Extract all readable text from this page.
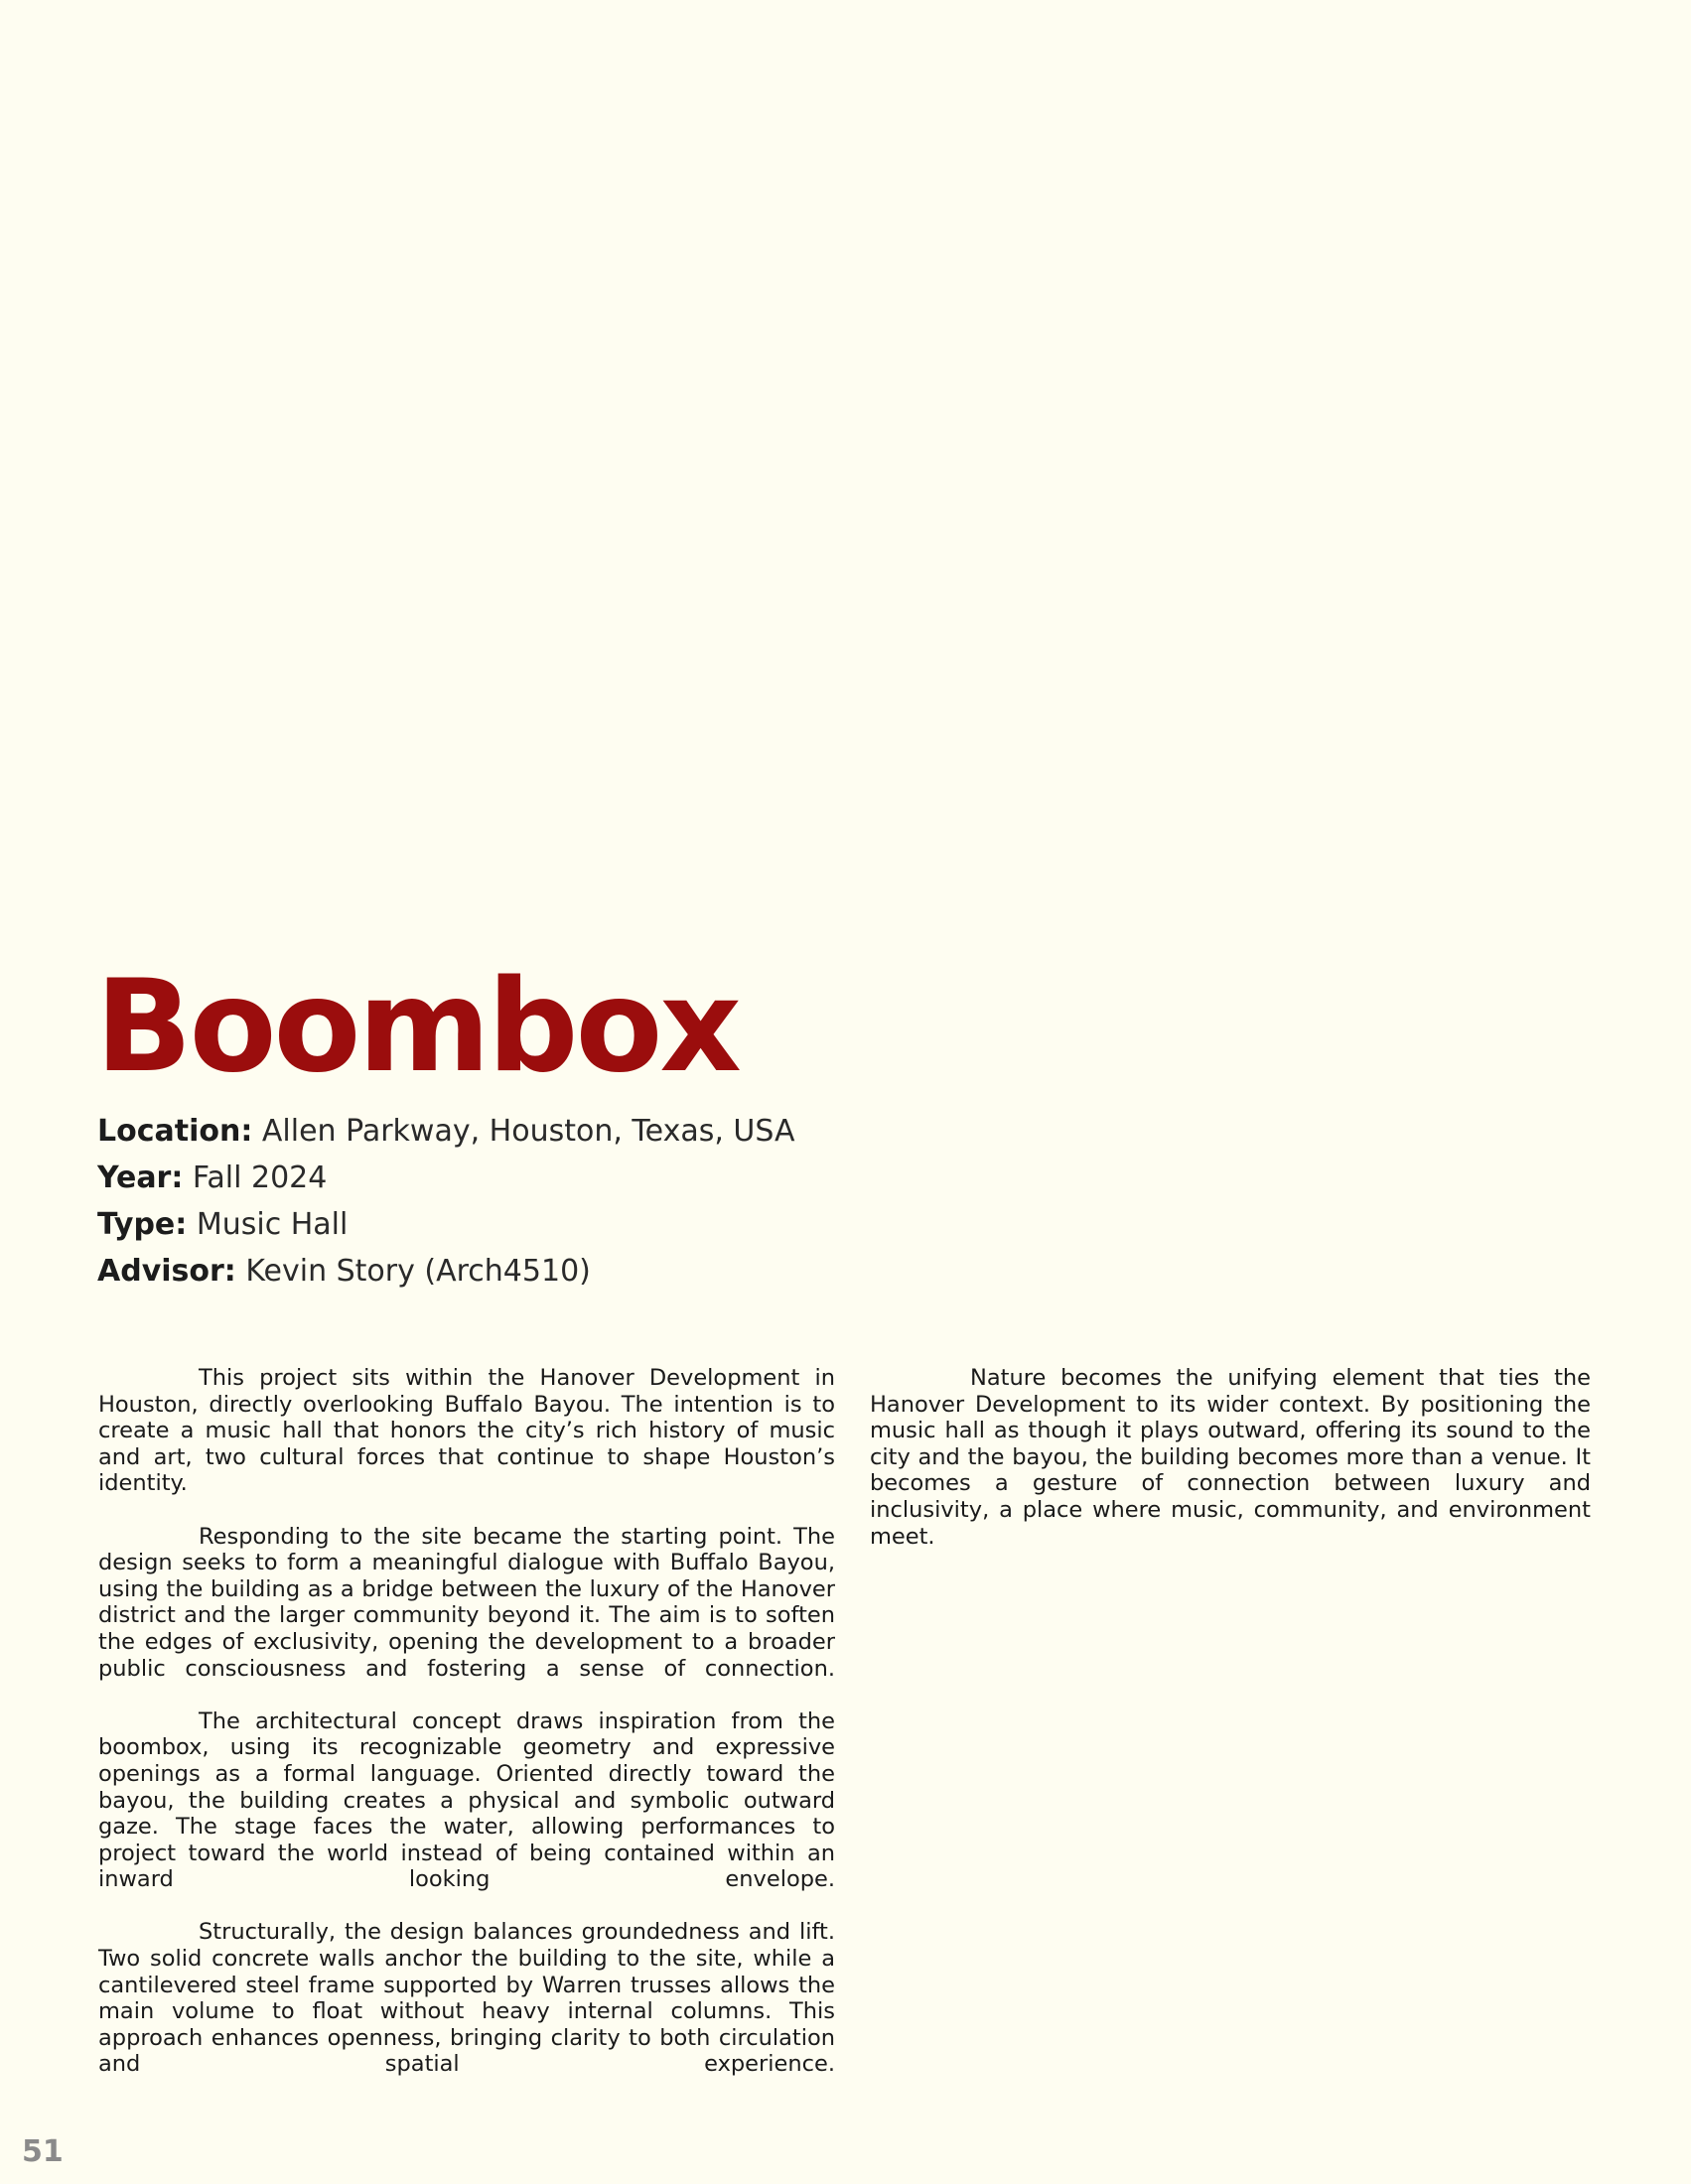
Boombox
Location: Allen Parkway, Houston, Texas, USA
Year: Fall 2024
Type: Music Hall
Advisor: Kevin Story (Arch4510)

This project sits within the Hanover Development in Houston, directly overlooking Buffalo Bayou. The intention is to create a music hall that honors the city’s rich history of music and art, two cultural forces that continue to shape Houston’s identity.

Responding to the site became the starting point. The design seeks to form a meaningful dialogue with Buffalo Bayou, using the building as a bridge between the luxury of the Hanover district and the larger community beyond it. The aim is to soften the edges of exclusivity, opening the development to a broader public consciousness and fostering a sense of connection.

The architectural concept draws inspiration from the boombox, using its recognizable geometry and expressive openings as a formal language. Oriented directly toward the bayou, the building creates a physical and symbolic outward gaze. The stage faces the water, allowing performances to project toward the world instead of being contained within an inward looking envelope.

Structurally, the design balances groundedness and lift. Two solid concrete walls anchor the building to the site, while a cantilevered steel frame supported by Warren trusses allows the main volume to float without heavy internal columns. This approach enhances openness, bringing clarity to both circulation and spatial experience.

Nature becomes the unifying element that ties the Hanover Development to its wider context. By positioning the music hall as though it plays outward, offering its sound to the city and the bayou, the building becomes more than a venue. It becomes a gesture of connection between luxury and inclusivity, a place where music, community, and environment meet.

51
